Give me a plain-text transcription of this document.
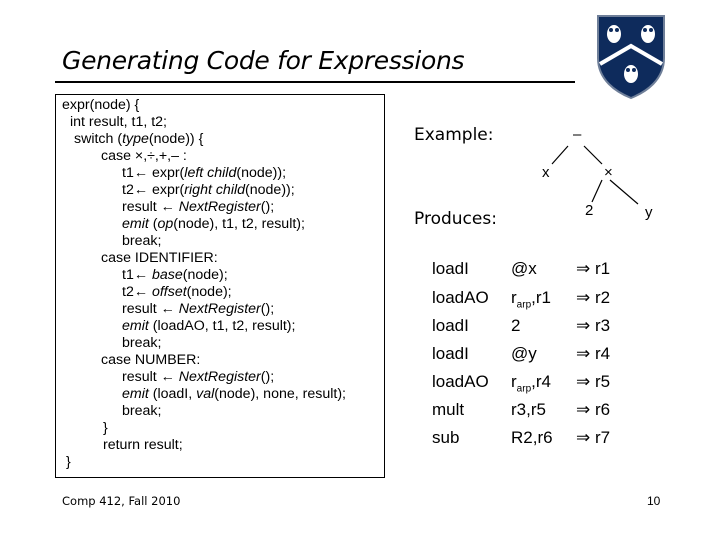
Generating Code for Expressions
expr(node) {
int result, t1, t2;
switch (type(node)) {
case ×,÷,+,– :
t1← expr(left child(node));
t2← expr(right child(node));
result ← NextRegister();
emit (op(node), t1, t2, result);
break;
case IDENTIFIER:
t1← base(node);
t2← offset(node);
result ← NextRegister();
emit (loadAO, t1, t2, result);
break;
case NUMBER:
result ← NextRegister();
emit (loadI, val(node), none, result);
break;
}
return result;
}
Example:	–
x	×
2	y
Produces:
loadI @x ⇒ r1
loadAO $r_{arp},r1$ ⇒ r2
loadI 2	⇒ r3
loadI @y ⇒ r4
loadAO $r_{arp},r4$ ⇒ r5
mult	r3,r5 ⇒ r6
sub	R2,r6 ⇒ r7
Comp 412, Fall 2010	10
